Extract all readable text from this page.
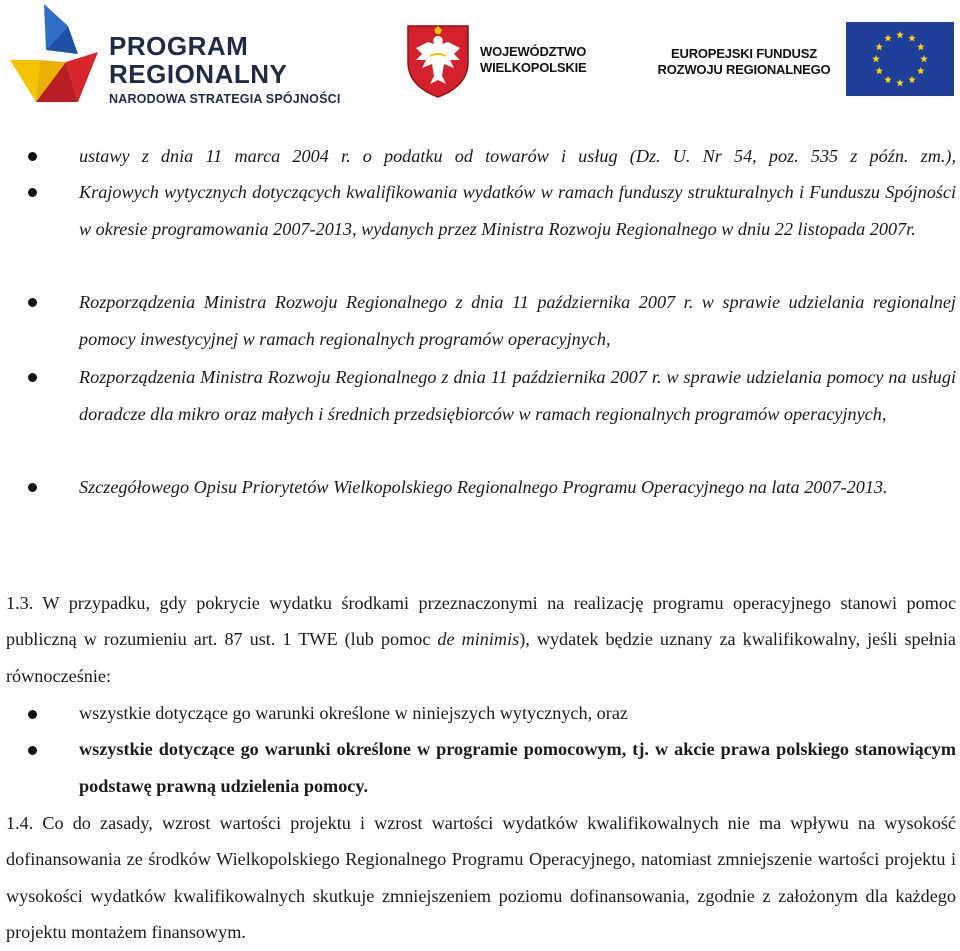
PROGRAM
REGIONALNY
NARODOWA STRATEGIA SPÓJNOŚCI
WOJEWÓDZTWO
WIELKOPOLSKIE
EUROPEJSKI FUNDUSZ
ROZWOJU REGIONALNEGO
ustawy z dnia 11 marca 2004 r. o podatku od towarów i usług (Dz. U. Nr 54, poz. 535 z późn. zm.),
Krajowych wytycznych dotyczących kwalifikowania wydatków w ramach funduszy strukturalnych i Funduszu Spójności w okresie programowania 2007-2013, wydanych przez Ministra Rozwoju Regionalnego w dniu 22 listopada 2007r.
Rozporządzenia Ministra Rozwoju Regionalnego z dnia 11 października 2007 r. w sprawie udzielania regionalnej pomocy inwestycyjnej w ramach regionalnych programów operacyjnych,
Rozporządzenia Ministra Rozwoju Regionalnego z dnia 11 października 2007 r. w sprawie udzielania pomocy na usługi doradcze dla mikro oraz małych i średnich przedsiębiorców w ramach regionalnych programów operacyjnych,
Szczegółowego Opisu Priorytetów Wielkopolskiego Regionalnego Programu Operacyjnego na lata 2007-2013.
1.3. W przypadku, gdy pokrycie wydatku środkami przeznaczonymi na realizację programu operacyjnego stanowi pomoc publiczną w rozumieniu art. 87 ust. 1 TWE (lub pomoc de minimis), wydatek będzie uznany za kwalifikowalny, jeśli spełnia równocześnie:
wszystkie dotyczące go warunki określone w niniejszych wytycznych, oraz
wszystkie dotyczące go warunki określone w programie pomocowym, tj. w akcie prawa polskiego stanowiącym podstawę prawną udzielenia pomocy.
1.4. Co do zasady, wzrost wartości projektu i wzrost wartości wydatków kwalifikowalnych nie ma wpływu na wysokość dofinansowania ze środków Wielkopolskiego Regionalnego Programu Operacyjnego, natomiast zmniejszenie wartości projektu i wysokości wydatków kwalifikowalnych skutkuje zmniejszeniem poziomu dofinansowania, zgodnie z założonym dla każdego projektu montażem finansowym.
